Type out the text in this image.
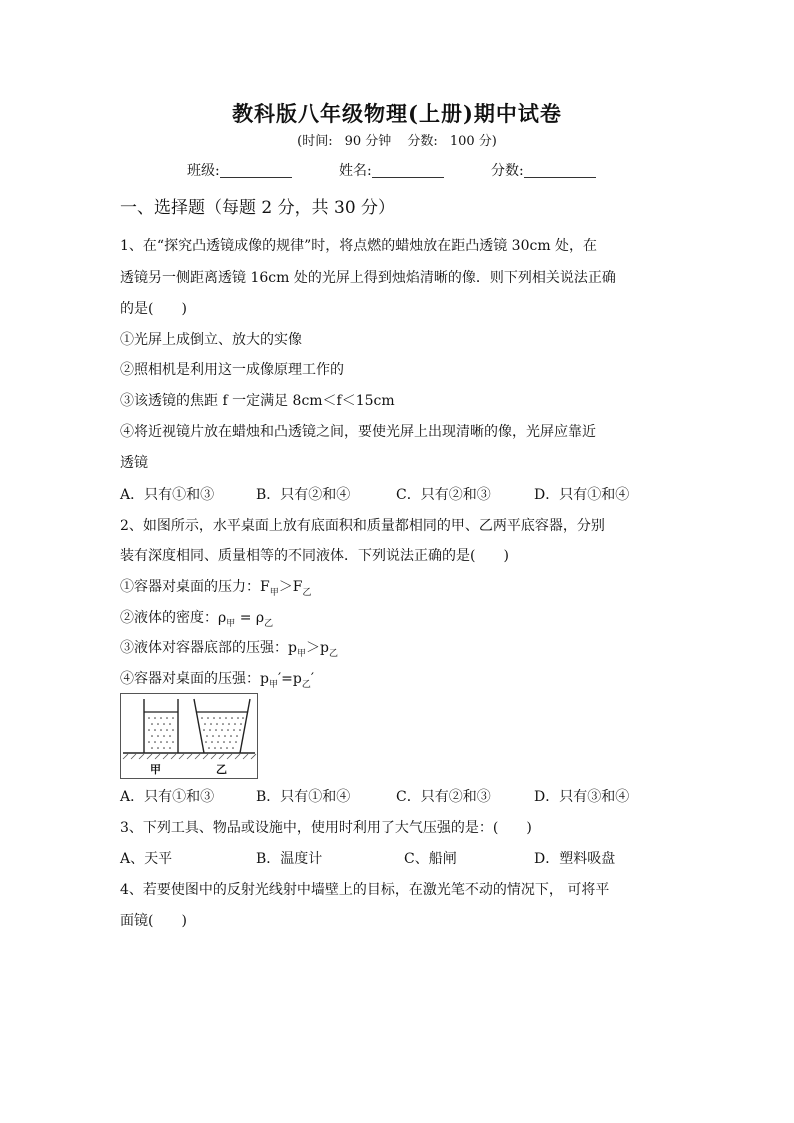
教科版八年级物理(上册)期中试卷
(时间: 90 分钟 分数: 100 分)
班级:	姓名:	分数:
一、选择题（每题 2 分，共 30 分）
1、在“探究凸透镜成像的规律”时，将点燃的蜡烛放在距凸透镜 30cm 处，在
透镜另一侧距离透镜 16cm 处的光屏上得到烛焰清晰的像．则下列相关说法正确
的是(　　)
①光屏上成倒立、放大的实像
②照相机是利用这一成像原理工作的
③该透镜的焦距 f 一定满足 8cm＜f＜15cm
④将近视镜片放在蜡烛和凸透镜之间，要使光屏上出现清晰的像，光屏应靠近
透镜
A．只有①和③	B．只有②和④	C．只有②和③	D．只有①和④
2、如图所示，水平桌面上放有底面积和质量都相同的甲、乙两平底容器，分别
装有深度相同、质量相等的不同液体．下列说法正确的是(　　)
①容器对桌面的压力：$F_甲>F_乙$
②液体的密度：$\rho_甲 = \rho_乙$
③液体对容器底部的压强：$p_甲>p_乙$
④容器对桌面的压强：$p_甲'=p_乙'$
甲	乙
A．只有①和③	B．只有①和④	C．只有②和③	D．只有③和④
3、下列工具、物品或设施中，使用时利用了大气压强的是：(　　)
A、天平	B．温度计	C、船闸	D．塑料吸盘
4、若要使图中的反射光线射中墙壁上的目标，在激光笔不动的情况下， 可将平
面镜(　　)
